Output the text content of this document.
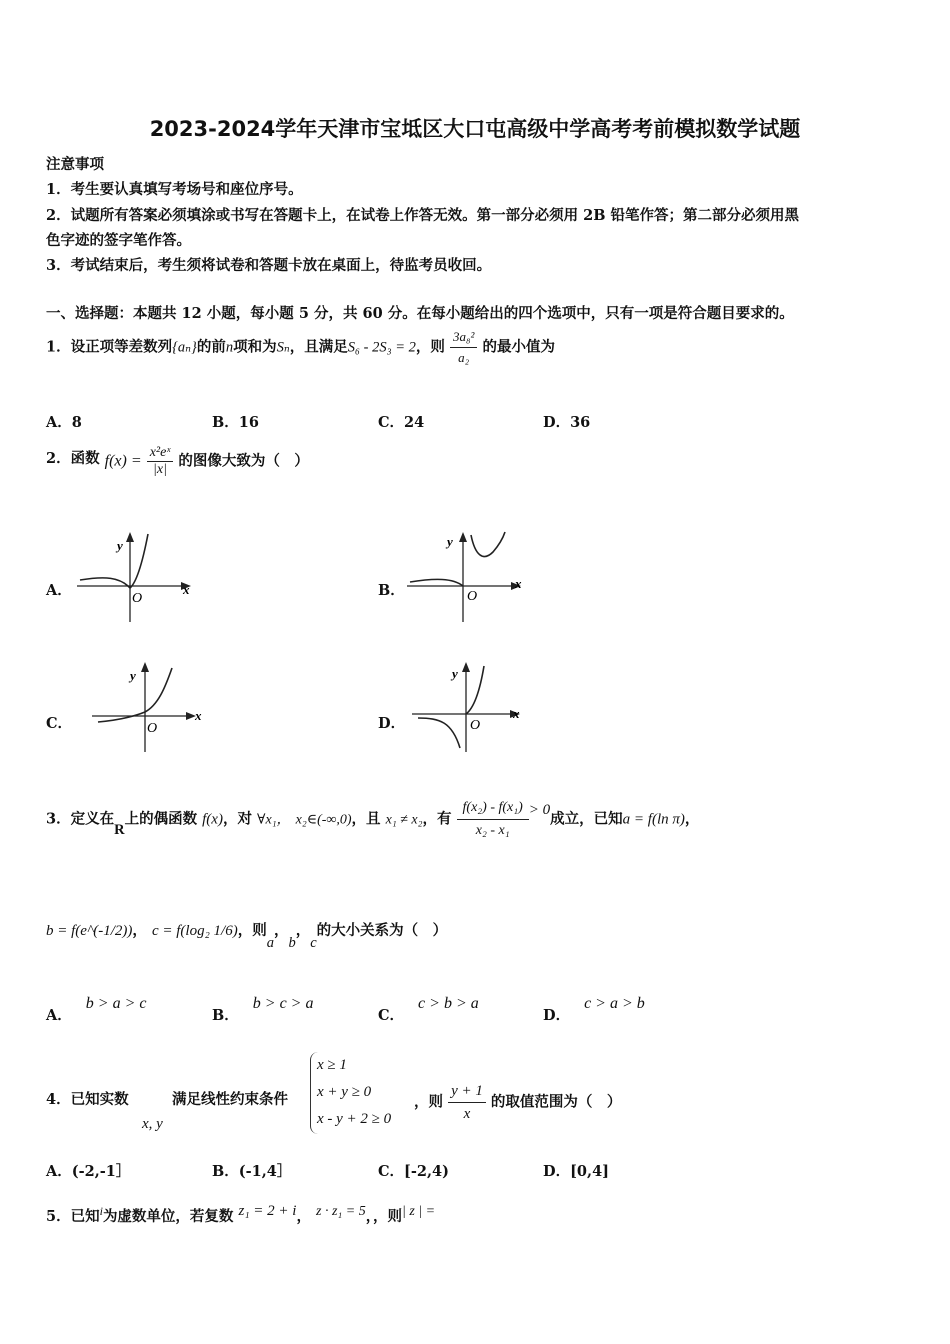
2023-2024学年天津市宝坻区大口屯高级中学高考考前模拟数学试题
注意事项
1．考生要认真填写考场号和座位序号。
2．试题所有答案必须填涂或书写在答题卡上，在试卷上作答无效。第一部分必须用 2B 铅笔作答；第二部分必须用黑
色字迹的签字笔作答。
3．考试结束后，考生须将试卷和答题卡放在桌面上，待监考员收回。
一、选择题：本题共 12 小题，每小题 5 分，共 60 分。在每小题给出的四个选项中，只有一项是符合题目要求的。
1．设正项等差数列{aₙ}的前n项和为Sₙ，且满足S₆ - 2S₃ = 2，则 $\frac{\text{3a₈²}}{\text{a₂}}$ 的最小值为
A．8	B．16	C．24	D．36
2．函数 $f(x) = \frac{\text{x²eˣ}}{|x|}$ 的图像大致为（　）
A．	B．
C．	D．
y
x
O
y
x
O
y
x
O
y
x
O
3．定义在R上的偶函数 f(x)，对 ∀x₁， x₂∈(-∞,0)，且 x₁ ≠ x₂，有 $\frac{\text{f(x₂) - f(x₁)}}{\text{x₂ - x₁}} > 0$成立，已知a = f(ln π)，
b = f(e^(-1/2))， c = f(log₂ 1/6)，则a，b，c的大小关系为（　）
A．b > a > c
B．b > c > a
C．c > b > a
D．c > a > b
4．已知实数
x, y
满足线性约束条件
x ≥ 1
x + y ≥ 0
x - y + 2 ≥ 0
，则 $\frac{y + 1}{x}$ 的取值范围为（　）
A．(-2,-1］	B．(-1,4］	C．[-2,4)	D．[0,4]
5．已知i为虚数单位，若复数 z₁ = 2 + i， z · z₁ = 5，，则| z | =
